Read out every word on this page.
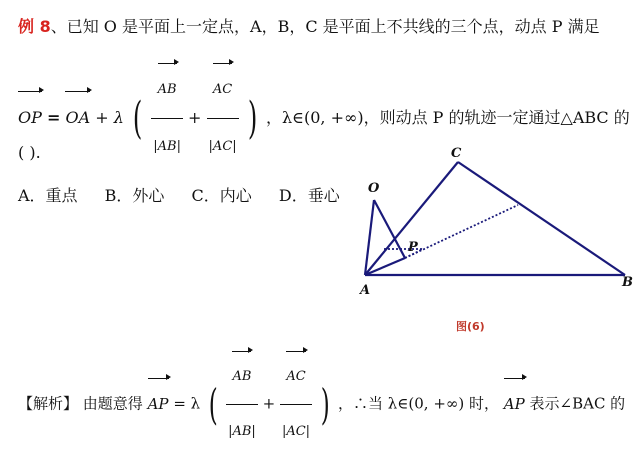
例 8、已知 O 是平面上一定点，A，B，C 是平面上不共线的三个点，动点 P 满足
OP = OA + λ ( $\frac{AB}{|AB|} + \frac{AC}{|AC|}$ ) ，λ∈(0, +∞)，则动点 P 的轨迹一定通过△ABC 的
( ).
A．重点 B．外心 C．内心 D．垂心 O
A
B
C
P
图(6)
【解析】 由题意得 AP = λ ( $\frac{AB}{|AB|} + \frac{AC}{|AC|}$ ) ，∴当 λ∈(0, +∞) 时， AP 表示∠BAC 的
